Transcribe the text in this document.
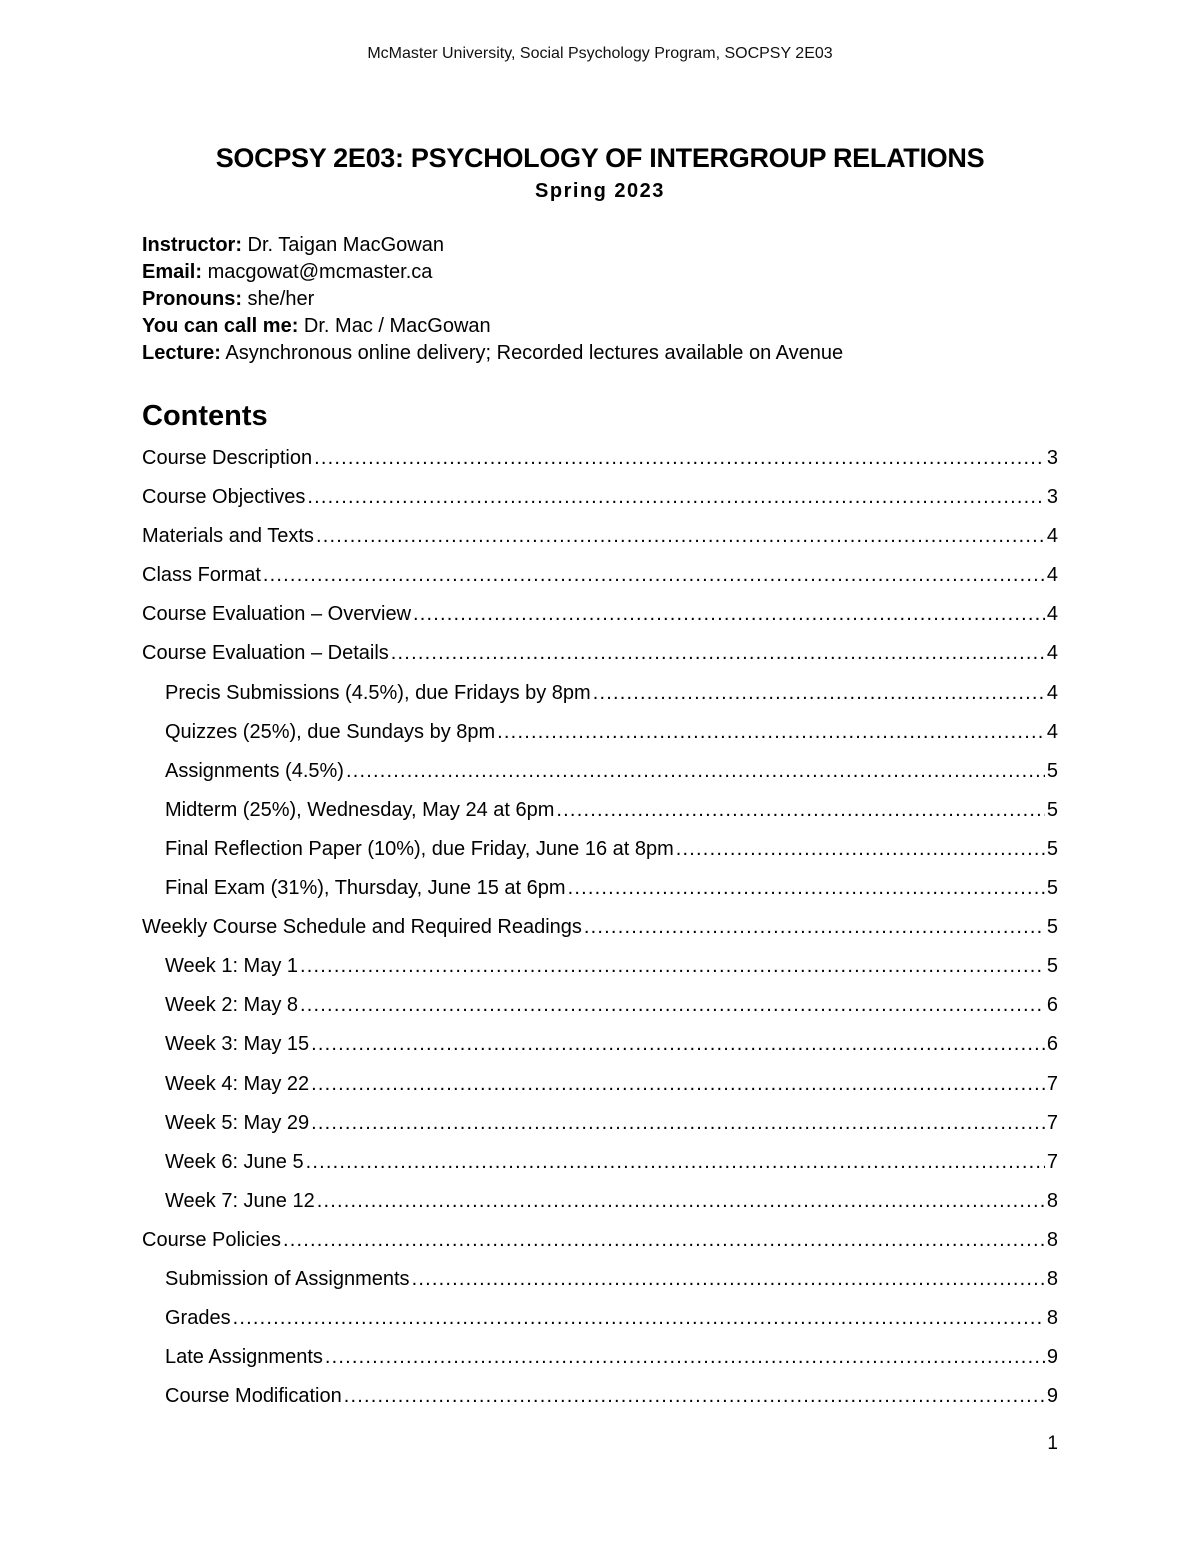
McMaster University, Social Psychology Program, SOCPSY 2E03
SOCPSY 2E03: PSYCHOLOGY OF INTERGROUP RELATIONS
Spring 2023
Instructor: Dr. Taigan MacGowan
Email: macgowat@mcmaster.ca
Pronouns: she/her
You can call me: Dr. Mac / MacGowan
Lecture: Asynchronous online delivery; Recorded lectures available on Avenue
Contents
Course Description .....	3
Course Objectives .....	3
Materials and Texts .....	4
Class Format .....	4
Course Evaluation – Overview .....	4
Course Evaluation – Details .....	4
Precis Submissions (4.5%), due Fridays by 8pm .....	4
Quizzes (25%), due Sundays by 8pm .....	4
Assignments (4.5%) .....	5
Midterm (25%), Wednesday, May 24 at 6pm .....	5
Final Reflection Paper (10%), due Friday, June 16 at 8pm .....	5
Final Exam (31%), Thursday, June 15 at 6pm .....	5
Weekly Course Schedule and Required Readings .....	5
Week 1: May 1 .....	5
Week 2: May 8 .....	6
Week 3: May 15 .....	6
Week 4: May 22 .....	7
Week 5: May 29 .....	7
Week 6: June 5 .....	7
Week 7: June 12 .....	8
Course Policies .....	8
Submission of Assignments .....	8
Grades .....	8
Late Assignments .....	9
Course Modification .....	9
1
